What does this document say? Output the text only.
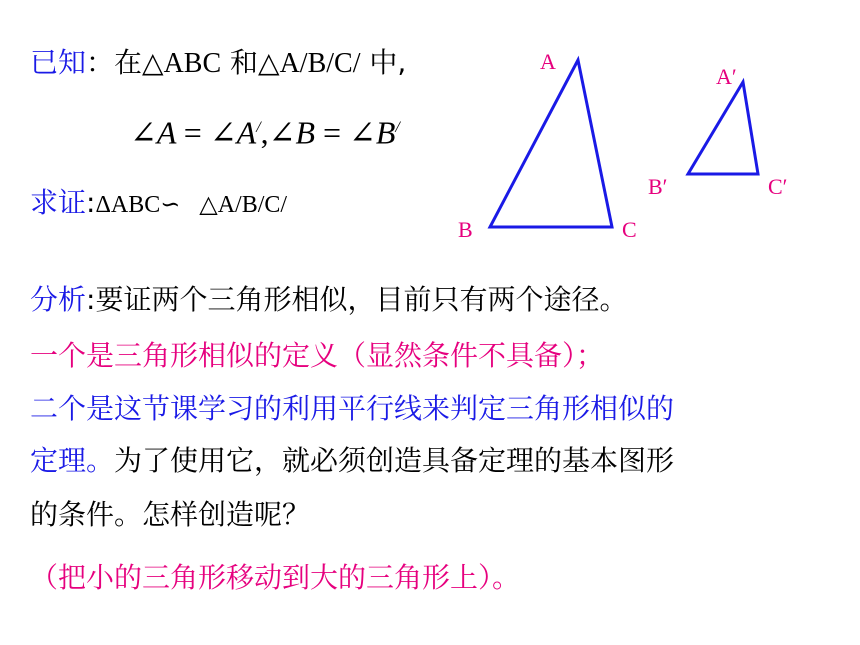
已知：在△ABC 和△A/B/C/ 中,
∠A = ∠A/,∠B = ∠B/
求证:ΔABC∽ △A/B/C/
A
B	C
A′
B′	C′
分析:要证两个三角形相似，目前只有两个途径。
一个是三角形相似的定义（显然条件不具备）；
二个是这节课学习的利用平行线来判定三角形相似的
定理。为了使用它，就必须创造具备定理的基本图形
的条件。怎样创造呢？
（把小的三角形移动到大的三角形上）。
